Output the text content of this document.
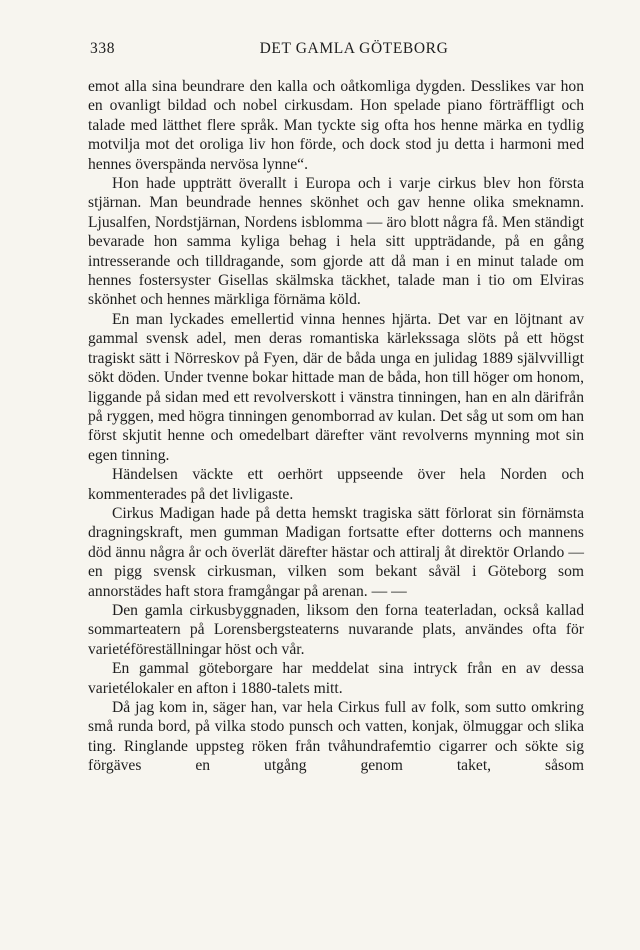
338	DET GAMLA GÖTEBORG

emot alla sina beundrare den kalla och oåtkomliga dygden. Desslikes var hon en ovanligt bildad och nobel cirkusdam. Hon spelade piano förträffligt och talade med lätthet flere språk. Man tyckte sig ofta hos henne märka en tydlig motvilja mot det oroliga liv hon förde, och dock stod ju detta i harmoni med hennes överspända nervösa lynne“.

Hon hade uppträtt överallt i Europa och i varje cirkus blev hon första stjärnan. Man beundrade hennes skönhet och gav henne olika smeknamn. Ljusalfen, Nordstjärnan, Nordens isblomma — äro blott några få. Men ständigt bevarade hon samma kyliga behag i hela sitt uppträdande, på en gång intresserande och tilldragande, som gjorde att då man i en minut talade om hennes fostersyster Gisellas skälmska täckhet, talade man i tio om Elviras skönhet och hennes märkliga förnäma köld.

En man lyckades emellertid vinna hennes hjärta. Det var en löjtnant av gammal svensk adel, men deras romantiska kärlekssaga slöts på ett högst tragiskt sätt i Nörreskov på Fyen, där de båda unga en julidag 1889 självvilligt sökt döden. Under tvenne bokar hittade man de båda, hon till höger om honom, liggande på sidan med ett revolverskott i vänstra tinningen, han en aln därifrån på ryggen, med högra tinningen genomborrad av kulan. Det såg ut som om han först skjutit henne och omedelbart därefter vänt revolverns mynning mot sin egen tinning.

Händelsen väckte ett oerhört uppseende över hela Norden och kommenterades på det livligaste.

Cirkus Madigan hade på detta hemskt tragiska sätt förlorat sin förnämsta dragningskraft, men gumman Madigan fortsatte efter dotterns och mannens död ännu några år och överlät därefter hästar och attiralj åt direktör Orlando — en pigg svensk cirkusman, vilken som bekant såväl i Göteborg som annorstädes haft stora framgångar på arenan. — —

Den gamla cirkusbyggnaden, liksom den forna teaterladan, också kallad sommarteatern på Lorensbergsteaterns nuvarande plats, användes ofta för varietéföreställningar höst och vår.

En gammal göteborgare har meddelat sina intryck från en av dessa varietélokaler en afton i 1880-talets mitt.

Då jag kom in, säger han, var hela Cirkus full av folk, som sutto omkring små runda bord, på vilka stodo punsch och vatten, konjak, ölmuggar och slika ting. Ringlande uppsteg röken från tvåhundrafemtio cigarrer och sökte sig förgäves en utgång genom taket, såsom
